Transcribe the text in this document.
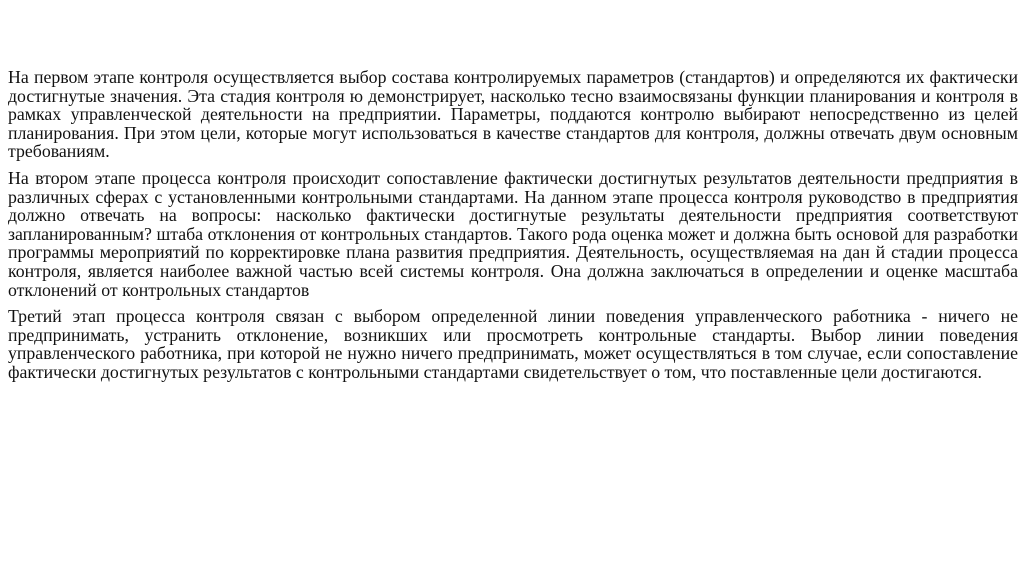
На первом этапе контроля осуществляется выбор состава контролируемых параметров (стандартов) и определяются их фактически достигнутые значения. Эта стадия контроля ю демонстрирует, насколько тесно взаимосвязаны функции планирования и контроля в рамках управленческой деятельности на предприятии. Параметры, поддаются контролю выбирают непосредственно из целей планирования. При этом цели, которые могут использоваться в качестве стандартов для контроля, должны отвечать двум основным требованиям.

На втором этапе процесса контроля происходит сопоставление фактически достигнутых результатов деятельности предприятия в различных сферах с установленными контрольными стандартами. На данном этапе процесса контроля руководство в предприятия должно отвечать на вопросы: насколько фактически достигнутые результаты деятельности предприятия соответствуют запланированным? штаба отклонения от контрольных стандартов. Такого рода оценка может и должна быть основой для разработки программы мероприятий по корректировке плана развития предприятия. Деятельность, осуществляемая на дан й стадии процесса контроля, является наиболее важной частью всей системы контроля. Она должна заключаться в определении и оценке масштаба отклонений от контрольных стандартов

Третий этап процесса контроля связан с выбором определенной линии поведения управленческого работника - ничего не предпринимать, устранить отклонение, возникших или просмотреть контрольные стандарты. Выбор линии поведения управленческого работника, при которой не нужно ничего предпринимать, может осуществляться в том случае, если сопоставление фактически достигнутых результатов с контрольными стандартами свидетельствует о том, что поставленные цели достигаются.
